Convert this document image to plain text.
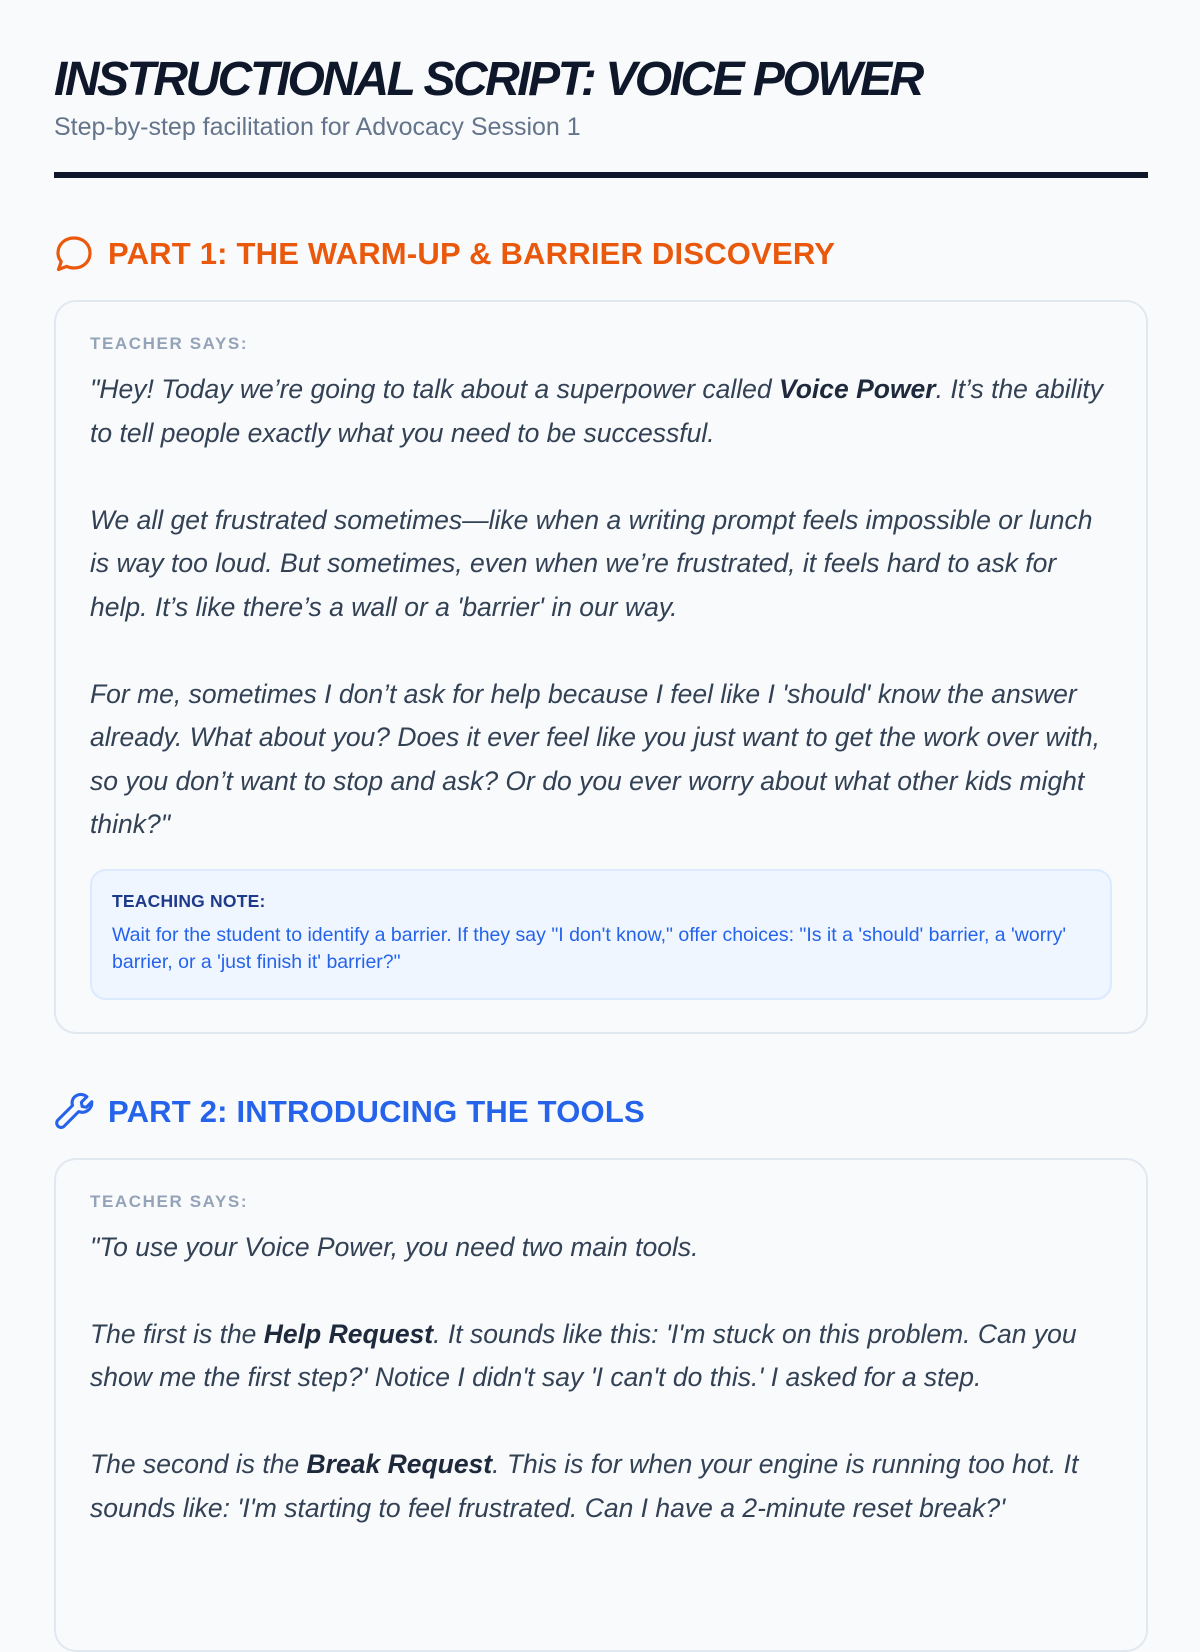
INSTRUCTIONAL SCRIPT: VOICE POWER
Step-by-step facilitation for Advocacy Session 1
PART 1: THE WARM-UP & BARRIER DISCOVERY
TEACHER SAYS:

"Hey! Today we’re going to talk about a superpower called Voice Power. It’s the ability to tell people exactly what you need to be successful.

We all get frustrated sometimes—like when a writing prompt feels impossible or lunch is way too loud. But sometimes, even when we’re frustrated, it feels hard to ask for help. It’s like there’s a wall or a 'barrier' in our way.

For me, sometimes I don’t ask for help because I feel like I 'should' know the answer already. What about you? Does it ever feel like you just want to get the work over with, so you don’t want to stop and ask? Or do you ever worry about what other kids might think?"

TEACHING NOTE:
Wait for the student to identify a barrier. If they say "I don't know," offer choices: "Is it a 'should' barrier, a 'worry' barrier, or a 'just finish it' barrier?"
PART 2: INTRODUCING THE TOOLS
TEACHER SAYS:

"To use your Voice Power, you need two main tools.

The first is the Help Request. It sounds like this: 'I'm stuck on this problem. Can you show me the first step?' Notice I didn't say 'I can't do this.' I asked for a step.

The second is the Break Request. This is for when your engine is running too hot. It sounds like: 'I'm starting to feel frustrated. Can I have a 2-minute reset break?'
